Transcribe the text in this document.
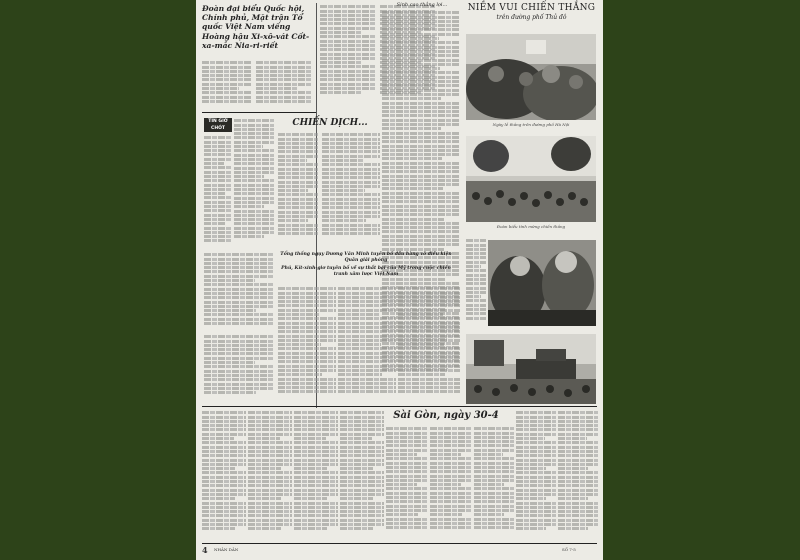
Đoàn đại biểu Quốc hội, Chính phủ, Mặt trận Tổ quốc Việt Nam viếng Hoàng hậu Xi-xô-vát Cốt-xa-mắc Nia-ri-riết
Sinh cao thắng lợi...	NIỀM VUI CHIẾN THẮNG
trên đường phố Thủ đô
Ngày lễ thắng trên đường phố Hà Nội
Đoàn biểu tình mừng chiến thắng
TIN GIỜ CHÓT
CHIẾN DỊCH...
Tổng thống ngụy Dương Văn Minh tuyên bố đầu hàng vô điều kiện Quân giải phóng
Phú, Kít-xinh-giơ tuyên bố về sự thất bại của Mỹ trong cuộc chiến tranh xâm lược Việt Nam
Sài Gòn, ngày 30-4
4 NHÂN DÂN	SỐ 7-5
